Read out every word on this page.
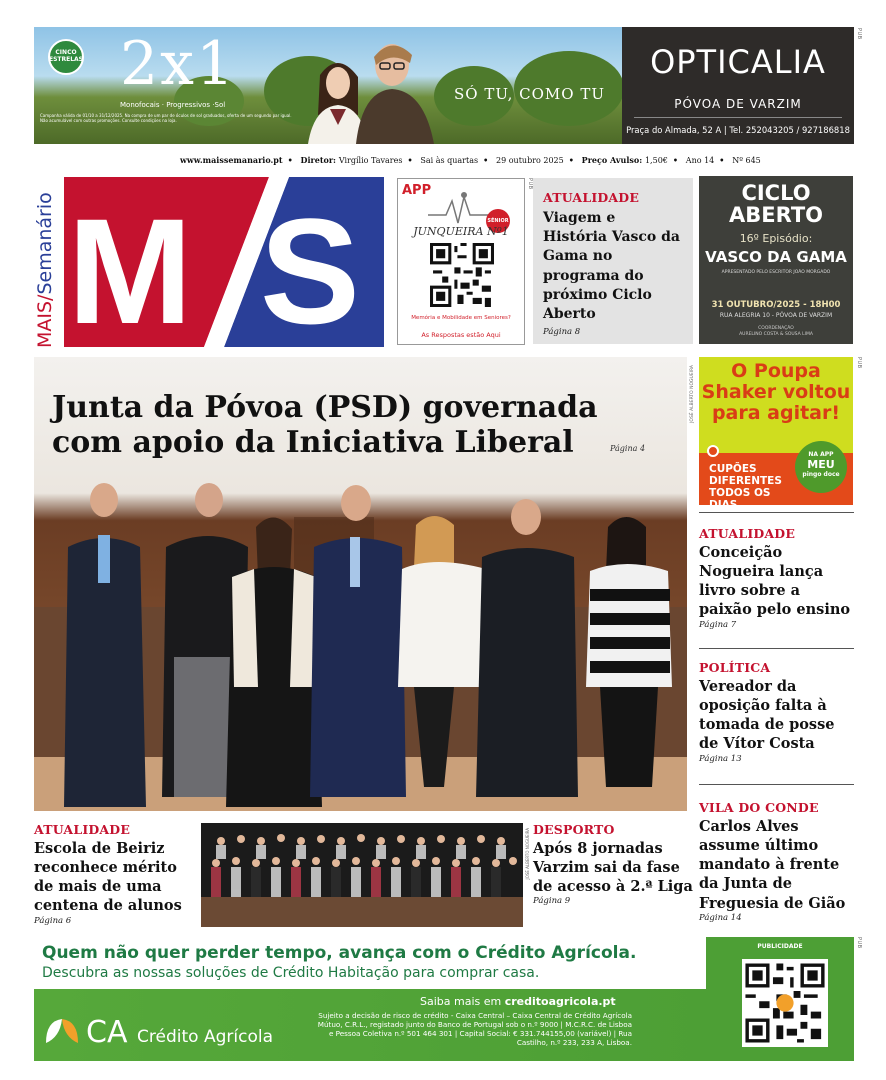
PUB
PUB
PUB
PUB
CINCO ESTRELAS 2x1
Monofocais · Progressivos ·Sol
Campanha válida de 01/10 a 31/12/2025. Na compra de um par de óculos de sol graduados, oferta de um segundo par igual. Não acumulável com outras promoções. Consulte condições na loja.
SÓ TU, COMO TU
OPTICALIA
PÓVOA DE VARZIM
Praça do Almada, 52 A | Tel. 252043205 / 927186818
www.maissemanario.pt • Diretor: Virgílio Tavares • Sai às quartas • 29 outubro 2025 • Preço Avulso: 1,50€ • Ano 14 • Nº 645
MAIS/Semanário M S	APP
SÉNIOR
JUNQUEIRA Nº1
Memória e Mobilidade em Seniores?
As Respostas estão Aqui
ATUALIDADE
Viagem e História Vasco da Gama no programa do próximo Ciclo Aberto
Página 8
CICLO
ABERTO
16º Episódio:
VASCO DA GAMA
APRESENTADO PELO ESCRITOR JOÃO MORGADO
31 OUTUBRO/2025 - 18H00
RUA ALEGRIA 10 - PÓVOA DE VARZIM
COORDENAÇÃO
AURELINO COSTA & SOUSA LIMA
Junta da Póvoa (PSD) governada com apoio da Iniciativa Liberal	Página 4
JOSÉ ALBERTO NOGUEIRA	O Poupa Shaker voltou para agitar!
CUPÕES DIFERENTES TODOS OS DIAS
NA APP
MEU
pingo doce
ATUALIDADE
Conceição Nogueira lança livro sobre a paixão pelo ensino
Página 7
POLÍTICA
Vereador da oposição falta à tomada de posse de Vítor Costa
Página 13
VILA DO CONDE
Carlos Alves assume último mandato à frente da Junta de Freguesia de Gião
Página 14
ATUALIDADE
Escola de Beiriz reconhece mérito de mais de uma centena de alunos
Página 6
JOSÉ ALBERTO NOGUEIRA DESPORTO
Após 8 jornadas Varzim sai da fase de acesso à 2.ª Liga
Página 9
Quem não quer perder tempo, avança com o Crédito Agrícola.
Descubra as nossas soluções de Crédito Habitação para comprar casa.
CA Crédito Agrícola
Saiba mais em creditoagricola.pt
Sujeito a decisão de risco de crédito - Caixa Central – Caixa Central de Crédito Agrícola Mútuo, C.R.L., registado junto do Banco de Portugal sob o n.º 9000 | M.C.R.C. de Lisboa e Pessoa Coletiva n.º 501 464 301 | Capital Social: € 331.744155,00 (variável) | Rua Castilho, n.º 233, 233 A, Lisboa.
PUBLICIDADE
